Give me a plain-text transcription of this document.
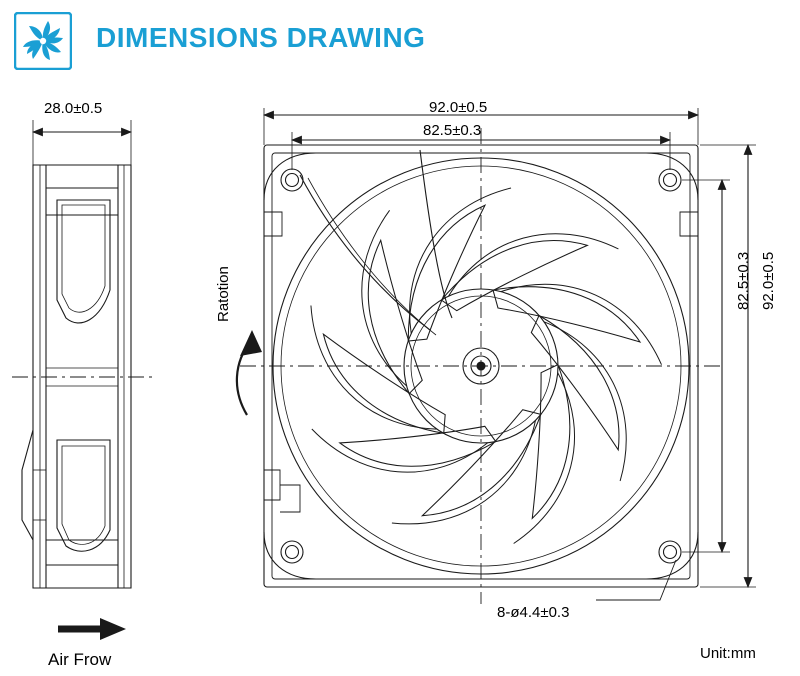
DIMENSIONS DRAWING
28.0±0.5	92.0±0.5
82.5±0.3
82.5±0.3 92.0±0.5
8-ø4.4±0.3
Ratotion
Air Frow	Unit:mm
